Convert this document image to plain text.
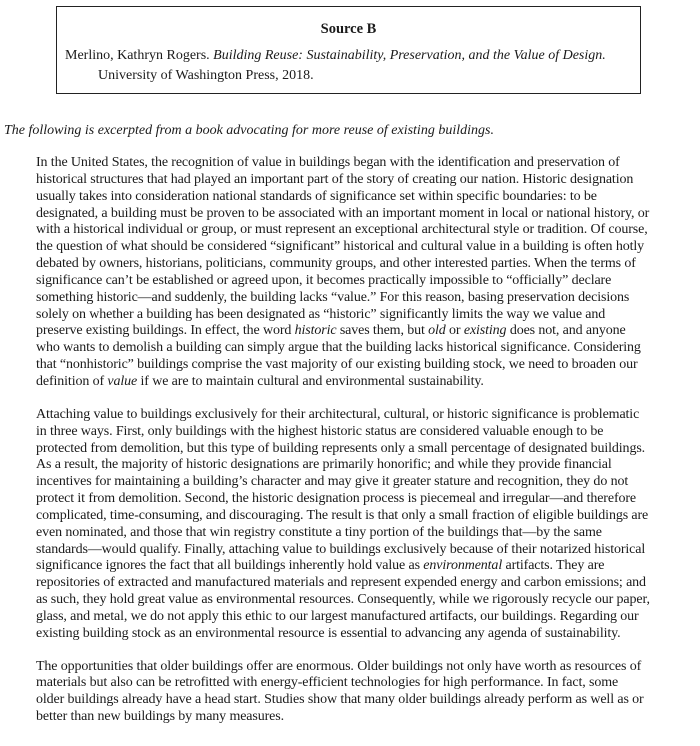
Source B
Merlino, Kathryn Rogers. Building Reuse: Sustainability, Preservation, and the Value of Design. University of Washington Press, 2018.
The following is excerpted from a book advocating for more reuse of existing buildings.
In the United States, the recognition of value in buildings began with the identification and preservation of
historical structures that had played an important part of the story of creating our nation. Historic designation
usually takes into consideration national standards of significance set within specific boundaries: to be
designated, a building must be proven to be associated with an important moment in local or national history, or
with a historical individual or group, or must represent an exceptional architectural style or tradition. Of course,
the question of what should be considered “significant” historical and cultural value in a building is often hotly
debated by owners, historians, politicians, community groups, and other interested parties. When the terms of
significance can’t be established or agreed upon, it becomes practically impossible to “officially” declare
something historic—and suddenly, the building lacks “value.” For this reason, basing preservation decisions
solely on whether a building has been designated as “historic” significantly limits the way we value and
preserve existing buildings. In effect, the word historic saves them, but old or existing does not, and anyone
who wants to demolish a building can simply argue that the building lacks historical significance. Considering
that “nonhistoric” buildings comprise the vast majority of our existing building stock, we need to broaden our
definition of value if we are to maintain cultural and environmental sustainability.
Attaching value to buildings exclusively for their architectural, cultural, or historic significance is problematic
in three ways. First, only buildings with the highest historic status are considered valuable enough to be
protected from demolition, but this type of building represents only a small percentage of designated buildings.
As a result, the majority of historic designations are primarily honorific; and while they provide financial
incentives for maintaining a building’s character and may give it greater stature and recognition, they do not
protect it from demolition. Second, the historic designation process is piecemeal and irregular—and therefore
complicated, time-consuming, and discouraging. The result is that only a small fraction of eligible buildings are
even nominated, and those that win registry constitute a tiny portion of the buildings that—by the same
standards—would qualify. Finally, attaching value to buildings exclusively because of their notarized historical
significance ignores the fact that all buildings inherently hold value as environmental artifacts. They are
repositories of extracted and manufactured materials and represent expended energy and carbon emissions; and
as such, they hold great value as environmental resources. Consequently, while we rigorously recycle our paper,
glass, and metal, we do not apply this ethic to our largest manufactured artifacts, our buildings. Regarding our
existing building stock as an environmental resource is essential to advancing any agenda of sustainability.
The opportunities that older buildings offer are enormous. Older buildings not only have worth as resources of
materials but also can be retrofitted with energy-efficient technologies for high performance. In fact, some
older buildings already have a head start. Studies show that many older buildings already perform as well as or
better than new buildings by many measures.
